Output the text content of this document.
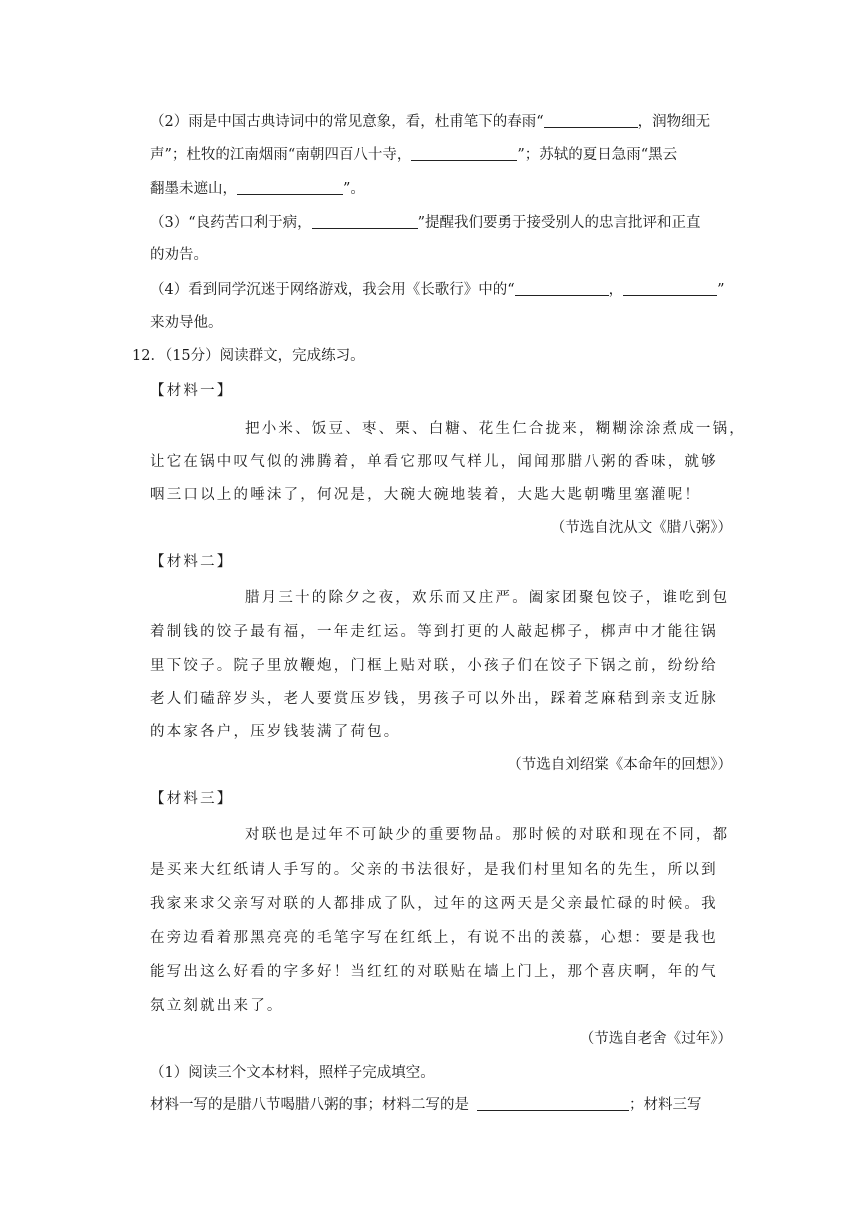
（2）雨是中国古典诗词中的常见意象，看，杜甫笔下的春雨“	，润物细无
声”；杜牧的江南烟雨“南朝四百八十寺，	”；苏轼的夏日急雨“黑云
翻墨未遮山，	”。
（3）“良药苦口利于病，	”提醒我们要勇于接受别人的忠言批评和正直
的劝告。
（4）看到同学沉迷于网络游戏，我会用《长歌行》中的“	，	”
来劝导他。
12．（15分）阅读群文，完成练习。
【材料一】
把小米、饭豆、枣、栗、白糖、花生仁合拢来，糊糊涂涂煮成一锅，
让它在锅中叹气似的沸腾着，单看它那叹气样儿，闻闻那腊八粥的香味，就够
咽三口以上的唾沫了，何况是，大碗大碗地装着，大匙大匙朝嘴里塞灌呢！
（节选自沈从文《腊八粥》）
【材料二】
腊月三十的除夕之夜，欢乐而又庄严。阖家团聚包饺子，谁吃到包
着制钱的饺子最有福，一年走红运。等到打更的人敲起梆子，梆声中才能往锅
里下饺子。院子里放鞭炮，门框上贴对联，小孩子们在饺子下锅之前，纷纷给
老人们磕辞岁头，老人要赏压岁钱，男孩子可以外出，踩着芝麻秸到亲支近脉
的本家各户，压岁钱装满了荷包。
（节选自刘绍棠《本命年的回想》）
【材料三】
对联也是过年不可缺少的重要物品。那时候的对联和现在不同，都
是买来大红纸请人手写的。父亲的书法很好，是我们村里知名的先生，所以到
我家来求父亲写对联的人都排成了队，过年的这两天是父亲最忙碌的时候。我
在旁边看着那黑亮亮的毛笔字写在红纸上，有说不出的羡慕，心想：要是我也
能写出这么好看的字多好！当红红的对联贴在墙上门上，那个喜庆啊，年的气
氛立刻就出来了。
（节选自老舍《过年》）
（1）阅读三个文本材料，照样子完成填空。
材料一写的是腊八节喝腊八粥的事；材料二写的是	；材料三写
